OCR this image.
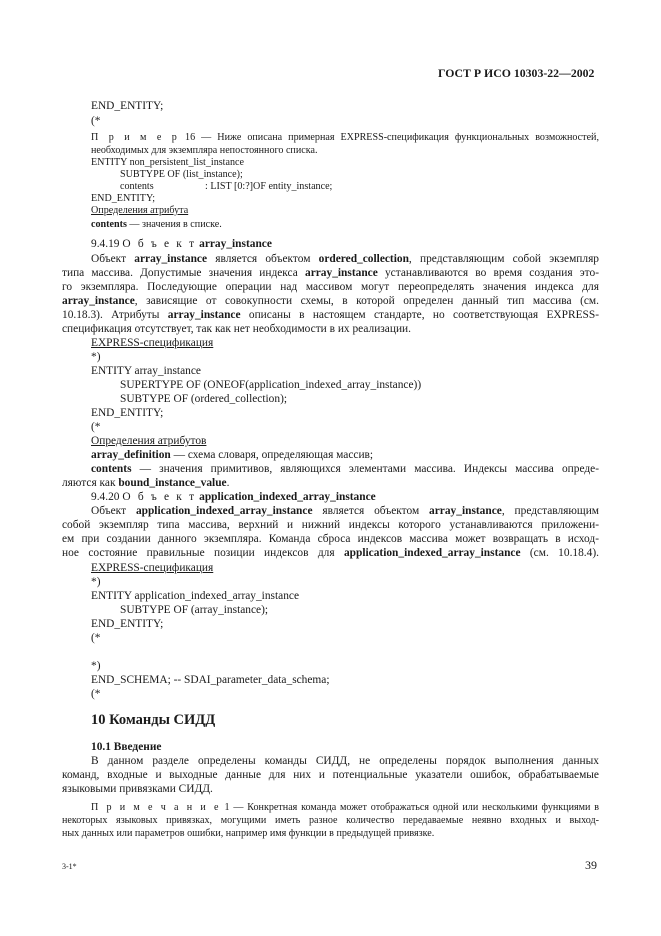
ГОСТ Р ИСО 10303-22—2002
END_ENTITY;
(*
П р и м е р 16 — Ниже описана примерная EXPRESS-спецификация функциональных возможностей,
необходимых для экземпляра непостоянного списка.
ENTITY non_persistent_list_instance
SUBTYPE OF (list_instance);
contents	: LIST [0:?]OF entity_instance;
END_ENTITY;
Определения атрибута
contents — значения в списке.
9.4.19 О б ъ е к т array_instance
Объект array_instance является объектом ordered_collection, представляющим собой экземпляр
типа массива. Допустимые значения индекса array_instance устанавливаются во время создания это-
го экземпляра. Последующие операции над массивом могут переопределять значения индекса для
array_instance, зависящие от совокупности схемы, в которой определен данный тип массива (см.
10.18.3). Атрибуты array_instance описаны в настоящем стандарте, но соответствующая EXPRESS-
спецификация отсутствует, так как нет необходимости в их реализации.
EXPRESS-спецификация
*)
ENTITY array_instance
SUPERTYPE OF (ONEOF(application_indexed_array_instance))
SUBTYPE OF (ordered_collection);
END_ENTITY;
(*
Определения атрибутов
array_definition — схема словаря, определяющая массив;
contents — значения примитивов, являющихся элементами массива. Индексы массива опреде-
ляются как bound_instance_value.
9.4.20 О б ъ е к т application_indexed_array_instance
Объект application_indexed_array_instance является объектом array_instance, представляющим
собой экземпляр типа массива, верхний и нижний индексы которого устанавливаются приложени-
ем при создании данного экземпляра. Команда сброса индексов массива может возвращать в исход-
ное состояние правильные позиции индексов для application_indexed_array_instance (см. 10.18.4).
EXPRESS-спецификация
*)
ENTITY application_indexed_array_instance
SUBTYPE OF (array_instance);
END_ENTITY;
(*
*)
END_SCHEMA; -- SDAI_parameter_data_schema;
(*
10 Команды СИДД
10.1 Введение
В данном разделе определены команды СИДД, не определены порядок выполнения данных
команд, входные и выходные данные для них и потенциальные указатели ошибок, обрабатываемые
языковыми привязками СИДД.
П р и м е ч а н и е 1 — Конкретная команда может отображаться одной или несколькими функциями в
некоторых языковых привязках, могущими иметь разное количество передаваемые неявно входных и выход-
ных данных или параметров ошибки, например имя функции в предыдущей привязке.
3-1*	39
